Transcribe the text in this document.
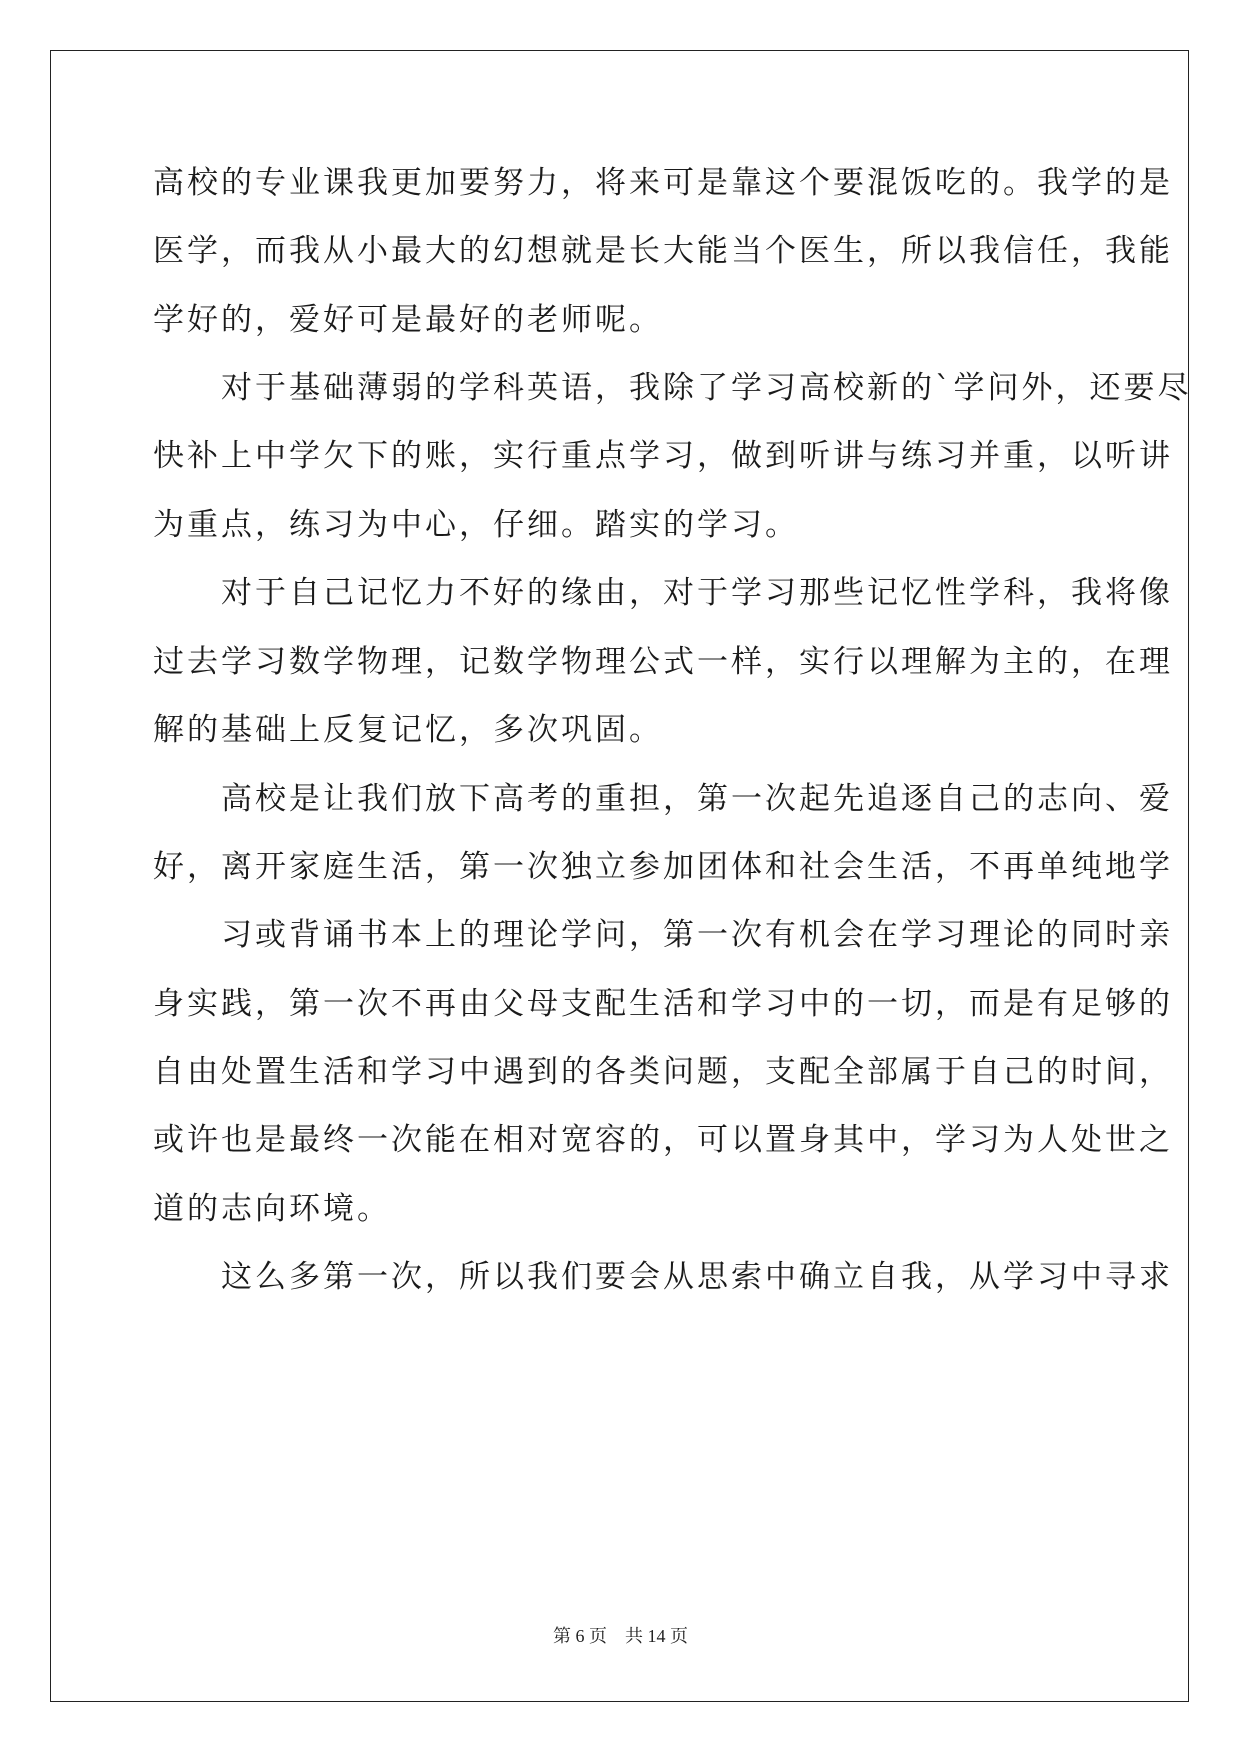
高校的专业课我更加要努力，将来可是靠这个要混饭吃的。我学的是
医学，而我从小最大的幻想就是长大能当个医生，所以我信任，我能
学好的，爱好可是最好的老师呢。
　　对于基础薄弱的学科英语，我除了学习高校新的`学问外，还要尽
快补上中学欠下的账，实行重点学习，做到听讲与练习并重，以听讲
为重点，练习为中心，仔细。踏实的学习。
　　对于自己记忆力不好的缘由，对于学习那些记忆性学科，我将像
过去学习数学物理，记数学物理公式一样，实行以理解为主的，在理
解的基础上反复记忆，多次巩固。
　　高校是让我们放下高考的重担，第一次起先追逐自己的志向、爱
好，离开家庭生活，第一次独立参加团体和社会生活，不再单纯地学
　　习或背诵书本上的理论学问，第一次有机会在学习理论的同时亲
身实践，第一次不再由父母支配生活和学习中的一切，而是有足够的
自由处置生活和学习中遇到的各类问题，支配全部属于自己的时间，
或许也是最终一次能在相对宽容的，可以置身其中，学习为人处世之
道的志向环境。
　　这么多第一次，所以我们要会从思索中确立自我，从学习中寻求
第 6 页 共 14 页
